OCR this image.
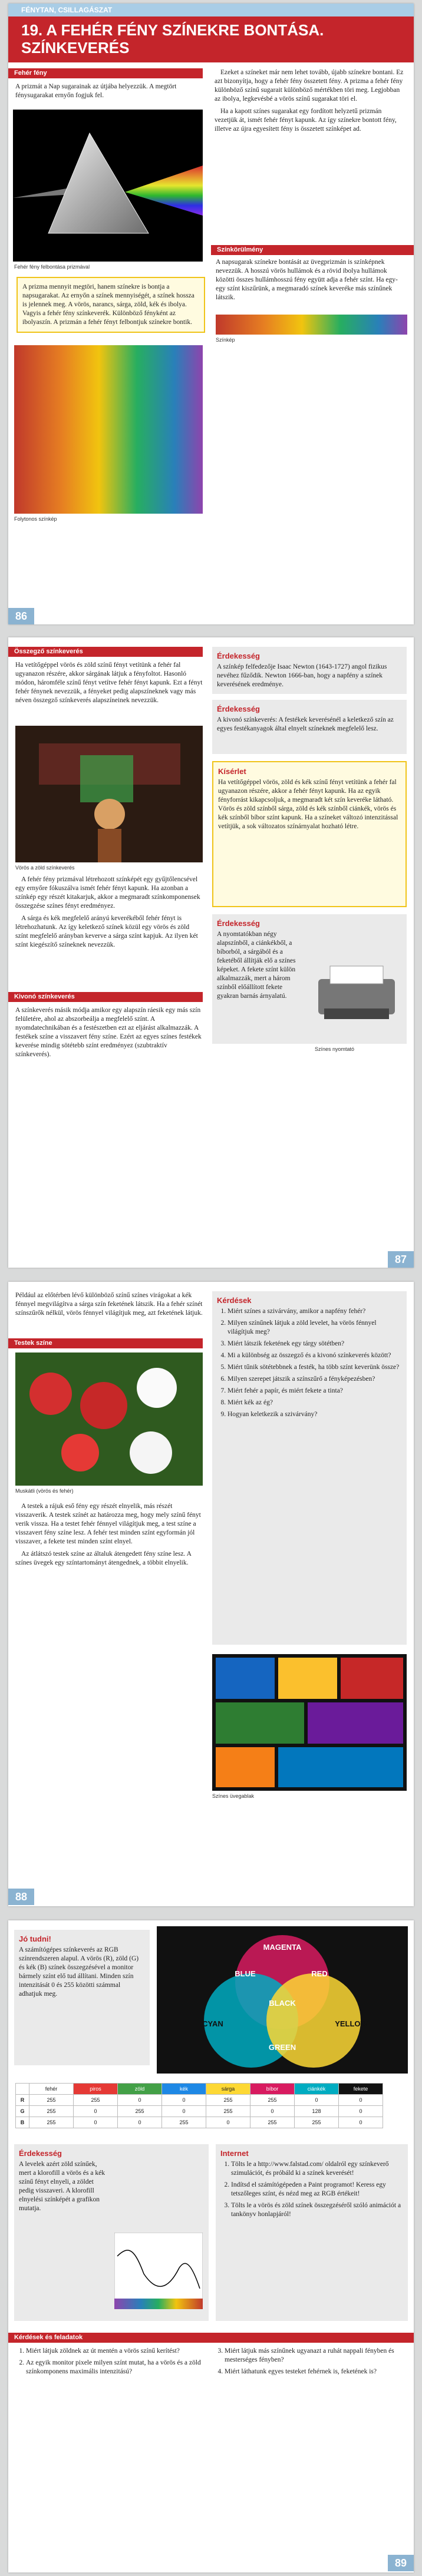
FÉNYTAN, CSILLAGÁSZAT
19. A FEHÉR FÉNY SZÍNEKRE BONTÁSA.
SZÍNKEVERÉS
Fehér fény
A prizmát a Nap sugarainak az útjába helyezzük. A megtört fénysugarakat ernyőn fogjuk fel.
Fehér fény felbontása prizmával
A prizma mennyit megtöri, hanem színekre is bontja a napsugarakat. Az ernyőn a színek mennyiségét, a színek hossza is jelennek meg. A vörös, narancs, sárga, zöld, kék és ibolya. Vagyis a fehér fény színkeverék. Különböző fényként az ibolyaszín. A prizmán a fehér fényt felbontjuk színekre bontik.
Folytonos színkép

Ezeket a színeket már nem lehet tovább, újabb színekre bontani. Ez azt bizonyítja, hogy a fehér fény összetett fény. A prizma a fehér fény különböző színű sugarait különböző mértékben töri meg. Legjobban az ibolya, legkevésbé a vörös színű sugarakat töri el.

Ha a kapott színes sugarakat egy fordított helyzetű prizmán vezetjük át, ismét fehér fényt kapunk. Az így színekre bontott fény, illetve az újra egyesített fény is összetett színképet ad.

Színkörülmény
A napsugarak színekre bontását az üvegprizmán is színképnek nevezzük. A hosszú vörös hullámok és a rövid ibolya hullámok közötti összes hullámhosszú fény együtt adja a fehér színt. Ha egy-egy színt kiszűrünk, a megmaradó színek keveréke más színűnek látszik.
Színkép
86
Összegző színkeverés
Ha vetítőgéppel vörös és zöld színű fényt vetítünk a fehér fal ugyanazon részére, akkor sárgának látjuk a fényfoltot. Hasonló módon, háromféle színű fényt vetítve fehér fényt kapunk. Ezt a fényt fehér fénynek nevezzük, a fényeket pedig alapszíneknek vagy más néven összegző színkeverés alapszíneinek nevezzük.
Vörös a zöld színkeverés

A fehér fény prizmával létrehozott színképét egy gyűjtőlencsével egy ernyőre fókuszálva ismét fehér fényt kapunk. Ha azonban a színkép egy részét kitakarjuk, akkor a megmaradt színkomponensek összegzése színes fényt eredményez.

A sárga és kék megfelelő arányú keverékéből fehér fényt is létrehozhatunk. Az így keletkező színek közül egy vörös és zöld színt megfelelő arányban keverve a sárga színt kapjuk. Az ilyen két színt kiegészítő színeknek nevezzük.

Kivonó színkeverés
A színkeverés másik módja amikor egy alapszín ráesik egy más szín felületére, ahol az abszorbeálja a megfelelő színt. A nyomdatechnikában és a festészetben ezt az eljárást alkalmazzák. A festékek színe a visszavert fény színe. Ezért az egyes színes festékek keverése mindig sötétebb színt eredményez (szubtraktív színkeverés).
Érdekesség
A színkép felfedezője Isaac Newton (1643-1727) angol fizikus nevéhez fűződik. Newton 1666-ban, hogy a napfény a színek keverésének eredménye.
Érdekesség
A kivonó színkeverés: A festékek keverésénél a keletkező szín az egyes festékanyagok által elnyelt színeknek megfelelő lesz.
Kísérlet
Ha vetítőgéppel vörös, zöld és kék színű fényt vetítünk a fehér fal ugyanazon részére, akkor a fehér fényt kapunk. Ha az egyik fényforrást kikapcsoljuk, a megmaradt két szín keveréke látható. Vörös és zöld színből sárga, zöld és kék színből ciánkék, vörös és kék színből bíbor színt kapunk. Ha a színeket változó intenzitással vetítjük, a sok változatos színárnyalat hozható létre.
Érdekesség
A nyomtatókban négy alapszínből, a ciánkékből, a bíborból, a sárgából és a feketéből állítják elő a színes képeket. A fekete színt külön alkalmazzák, mert a három színből előállított fekete gyakran barnás árnyalatú.
Színes nyomtató
87
Például az előtérben lévő különböző színű színes virágokat a kék fénnyel megvilágítva a sárga szín feketének látszik. Ha a fehér színét színszűrők nélkül, vörös fénnyel világítjuk meg, azt feketének látjuk.
Testek színe
Muskátli (vörös és fehér)

A testek a rájuk eső fény egy részét elnyelik, más részét visszaverik. A testek színét az határozza meg, hogy mely színű fényt verik vissza. Ha a testet fehér fénnyel világítjuk meg, a test színe a visszavert fény színe lesz. A fehér test minden színt egyformán jól visszaver, a fekete test minden színt elnyel.

Az átlátszó testek színe az általuk átengedett fény színe lesz. A színes üvegek egy színtartományt átengednek, a többit elnyelik.

Kérdések
1. Miért színes a szivárvány, amikor a napfény fehér?
2. Milyen színűnek látjuk a zöld levelet, ha vörös fénnyel világítjuk meg?
3. Miért látszik feketének egy tárgy sötétben?
4. Mi a különbség az összegző és a kivonó színkeverés között?
5. Miért tűnik sötétebbnek a festék, ha több színt keverünk össze?
6. Milyen szerepet játszik a színszűrő a fényképezésben?
7. Miért fehér a papír, és miért fekete a tinta?
8. Miért kék az ég?
9. Hogyan keletkezik a szivárvány?
Színes üvegablak
88
Jó tudni!
A számítógépes színkeverés az RGB színrendszeren alapul. A vörös (R), zöld (G) és kék (B) színek összegzésével a monitor bármely színt elő tud állítani. Minden szín intenzitását 0 és 255 közötti számmal adhatjuk meg.
MAGENTA
BLUE	RED
BLACK
CYAN
GREEN
YELLOW
	fehér	piros	zöld	kék	sárga	bíbor	ciánkék	fekete
R	255	255	0	0	255	255	0	0
G	255	0	255	0	255	0	128	0
B	255	0	0	255	0	255	255	0
Érdekesség
A levelek azért zöld színűek, mert a klorofill a vörös és a kék színű fényt elnyeli, a zöldet pedig visszaveri. A klorofill elnyelési színképét a grafikon mutatja.
Internet
1. Tölts le a http://www.falstad.com/ oldalról egy színkeverő szimulációt, és próbáld ki a színek keverését!
2. Indítsd el számítógépeden a Paint programot! Keress egy tetszőleges színt, és nézd meg az RGB értékeit!
3. Tölts le a vörös és zöld színek összegzéséről szóló animációt a tankönyv honlapjáról!
Kérdések és feladatok
1. Miért látjuk zöldnek az út mentén a vörös színű kerítést?
2. Az egyik monitor pixele milyen színt mutat, ha a vörös és a zöld színkomponens maximális intenzitású?
3. Miért látjuk más színűnek ugyanazt a ruhát nappali fényben és mesterséges fényben?
4. Miért láthatunk egyes testeket fehérnek is, feketének is?
89
